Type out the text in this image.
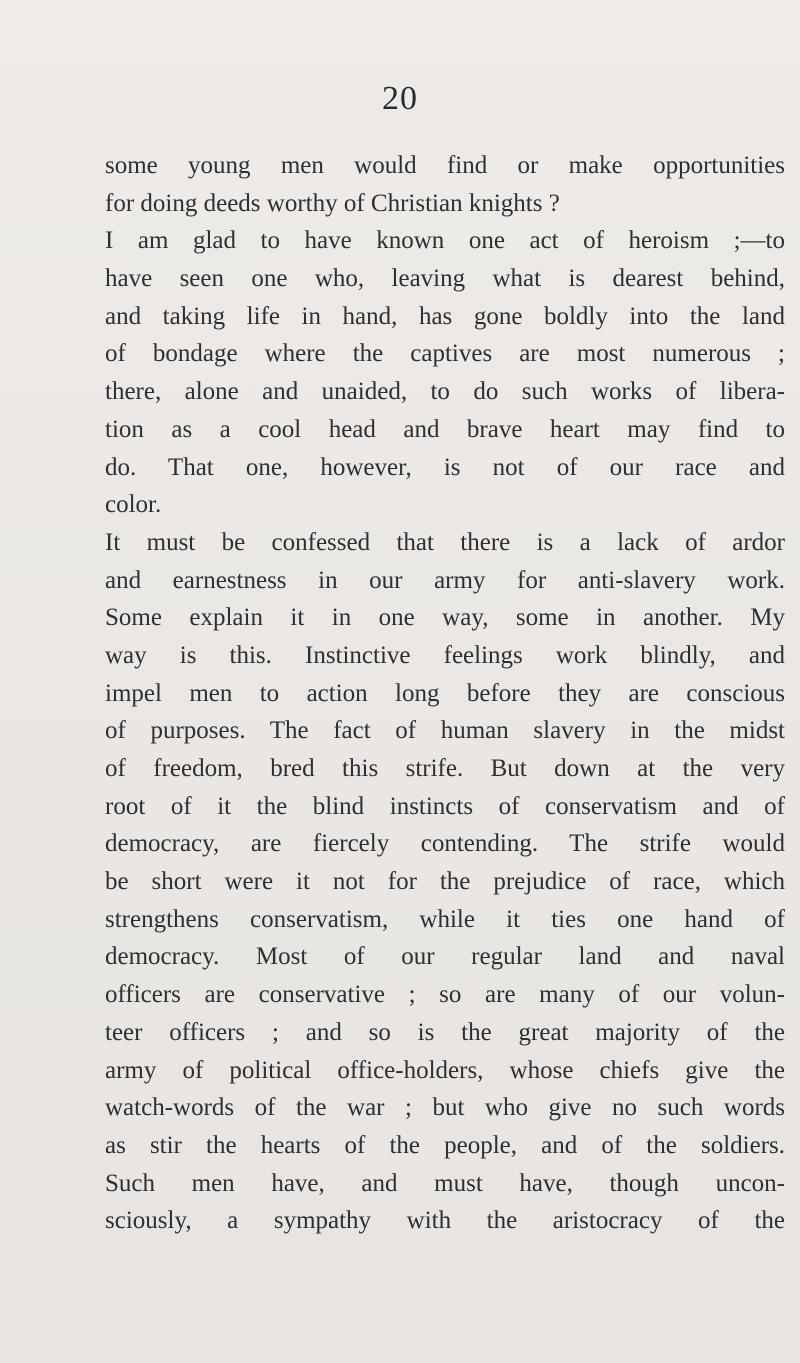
20
some young men would find or make opportunities
for doing deeds worthy of Christian knights ?
I am glad to have known one act of heroism ;—to
have seen one who, leaving what is dearest behind,
and taking life in hand, has gone boldly into the land
of bondage where the captives are most numerous ;
there, alone and unaided, to do such works of libera-
tion as a cool head and brave heart may find to
do. That one, however, is not of our race and
color.
It must be confessed that there is a lack of ardor
and earnestness in our army for anti-slavery work.
Some explain it in one way, some in another. My
way is this. Instinctive feelings work blindly, and
impel men to action long before they are conscious
of purposes. The fact of human slavery in the midst
of freedom, bred this strife. But down at the very
root of it the blind instincts of conservatism and of
democracy, are fiercely contending. The strife would
be short were it not for the prejudice of race, which
strengthens conservatism, while it ties one hand of
democracy. Most of our regular land and naval
officers are conservative ; so are many of our volun-
teer officers ; and so is the great majority of the
army of political office-holders, whose chiefs give the
watch-words of the war ; but who give no such words
as stir the hearts of the people, and of the soldiers.
Such men have, and must have, though uncon-
sciously, a sympathy with the aristocracy of the
